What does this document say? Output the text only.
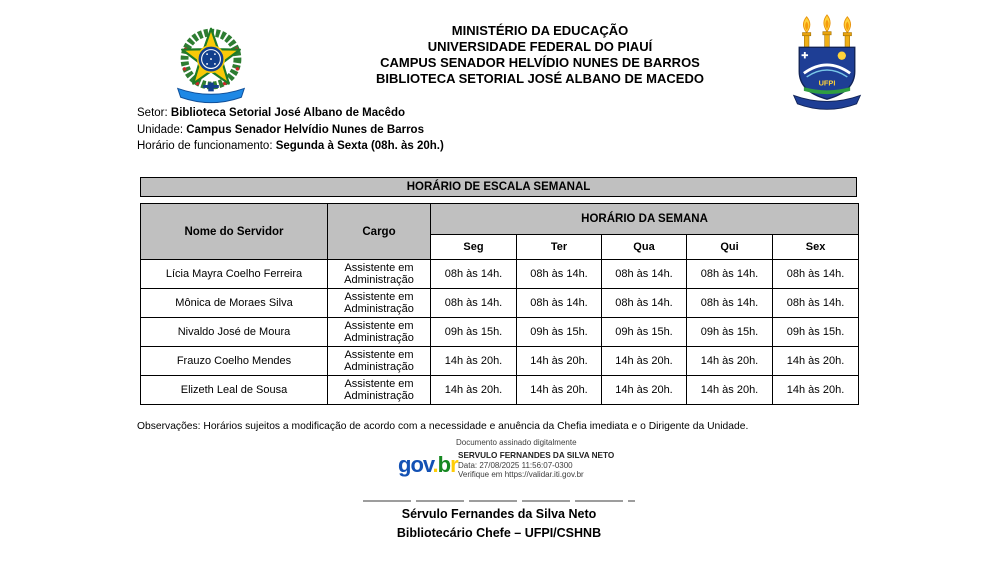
MINISTÉRIO DA EDUCAÇÃO
UNIVERSIDADE FEDERAL DO PIAUÍ
CAMPUS SENADOR HELVÍDIO NUNES DE BARROS
BIBLIOTECA SETORIAL JOSÉ ALBANO DE MACEDO	UFPI
Setor: Biblioteca Setorial José Albano de Macêdo
Unidade: Campus Senador Helvídio Nunes de Barros
Horário de funcionamento: Segunda à Sexta (08h. às 20h.)
HORÁRIO DE ESCALA SEMANAL
Nome do Servidor	Cargo	HORÁRIO DA SEMANA				
		Seg	Ter	Qua	Qui	Sex
Lícia Mayra Coelho Ferreira	Assistente em Administração	08h às 14h.	08h às 14h.	08h às 14h.	08h às 14h.	08h às 14h.
Mônica de Moraes Silva	Assistente em Administração	08h às 14h.	08h às 14h.	08h às 14h.	08h às 14h.	08h às 14h.
Nivaldo José de Moura	Assistente em Administração	09h às 15h.	09h às 15h.	09h às 15h.	09h às 15h.	09h às 15h.
Frauzo Coelho Mendes	Assistente em Administração	14h às 20h.	14h às 20h.	14h às 20h.	14h às 20h.	14h às 20h.
Elizeth Leal de Sousa	Assistente em Administração	14h às 20h.	14h às 20h.	14h às 20h.	14h às 20h.	14h às 20h.
Observações: Horários sujeitos a modificação de acordo com a necessidade e anuência da Chefia imediata e o Dirigente da Unidade.
Documento assinado digitalmente
gov.br SERVULO FERNANDES DA SILVA NETO
Data: 27/08/2025 11:56:07-0300
Verifique em https://validar.iti.gov.br
Sérvulo Fernandes da Silva Neto
Bibliotecário Chefe – UFPI/CSHNB
